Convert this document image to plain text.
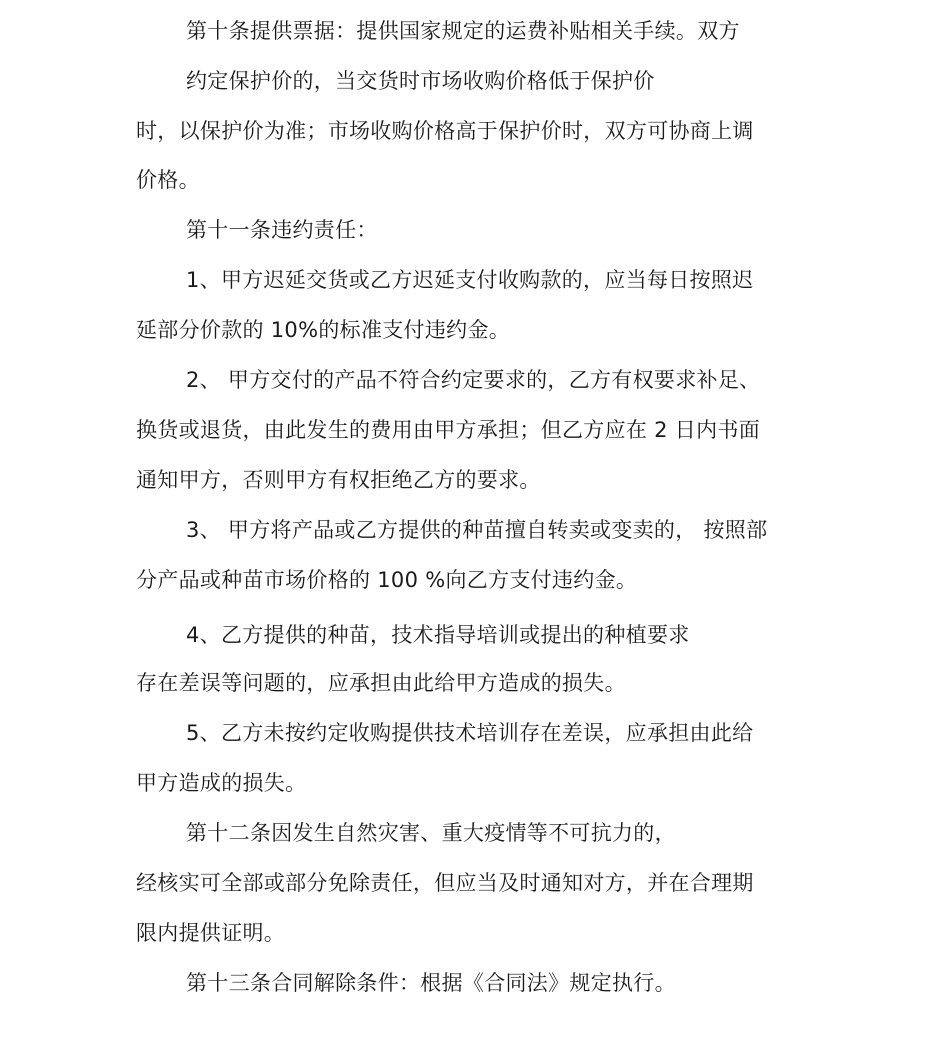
第十条提供票据：提供国家规定的运费补贴相关手续。双方
约定保护价的，当交货时市场收购价格低于保护价
时，以保护价为准；市场收购价格高于保护价时，双方可协商上调
价格。
第十一条违约责任：
1、甲方迟延交货或乙方迟延支付收购款的，应当每日按照迟
延部分价款的 10%的标准支付违约金。
2、 甲方交付的产品不符合约定要求的，乙方有权要求补足、
换货或退货，由此发生的费用由甲方承担；但乙方应在 2 日内书面
通知甲方，否则甲方有权拒绝乙方的要求。
3、 甲方将产品或乙方提供的种苗擅自转卖或变卖的， 按照部
分产品或种苗市场价格的 100 %向乙方支付违约金。
4、乙方提供的种苗，技术指导培训或提出的种植要求
存在差误等问题的，应承担由此给甲方造成的损失。
5、乙方未按约定收购提供技术培训存在差误，应承担由此给
甲方造成的损失。
第十二条因发生自然灾害、重大疫情等不可抗力的，
经核实可全部或部分免除责任，但应当及时通知对方，并在合理期
限内提供证明。
第十三条合同解除条件：根据《合同法》规定执行。
